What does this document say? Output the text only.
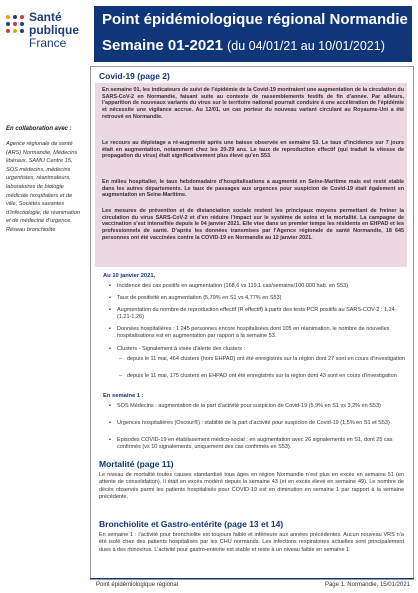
Santé
publique
France
Point épidémiologique régional Normandie
Semaine 01-2021 (du 04/01/21 au 10/01/2021)
En collaboration avec :

Agence régionale de santé (ARS) Normandie, Médecins libéraux, SAMU Centre 15, SOS médecins, médecins urgentistes, réanimateurs, laboratoires de biologie médicale hospitaliers et de ville, Sociétés savantes d’infectiologie, de réanimation et de médecine d’urgence, Réseau bronchiolite

Covid-19 (page 2)
En semaine 01, les indicateurs de suivi de l’épidémie de la Covid-19 montraient une augmentation de la circulation du SARS-CoV-2 en Normandie, faisant suite au contexte de rassemblements festifs de fin d’année. Par ailleurs, l’apparition de nouveaux variants du virus sur le territoire national pourrait conduire à une accélération de l’épidémie et nécessite une vigilance accrue. Au 12/01, un cas porteur du nouveau variant circulant au Royaume-Uni a été retrouvé en Normandie.
Le recours au dépistage a ré-augmenté après une baisse observée en semaine 53. Le taux d’incidence sur 7 jours était en augmentation, notamment chez les 20-29 ans. Le taux de reproduction effectif (qui traduit la vitesse de propagation du virus) était significativement plus élevé qu’en S53.
En milieu hospitalier, le taux hebdomadaire d’hospitalisations a augmenté en Seine-Maritime mais est resté stable dans les autres départements. Le taux de passages aux urgences pour suspicion de Covid-19 était également en augmentation en Seine-Maritime.
Les mesures de prévention et de distanciation sociale restent les principaux moyens permettant de freiner la circulation du virus SARS-CoV-2 et d’en réduire l’impact sur le système de soins et la mortalité. La campagne de vaccination s’est intensifiée depuis le 04 janvier 2021. Elle vise dans un premier temps les résidents en EHPAD et les professionnels de santé. D’après les données transmises par l’Agence régionale de santé Normandie, 18 645 personnes ont été vaccinées contre la COVID-19 en Normandie au 12 janvier 2021.
Au 10 janvier 2021,
▪ Incidence des cas positifs en augmentation (168,6 vs 119,1 cas/semaine/100 000 hab. en S53)
▪ Taux de positivité en augmentation (5,79% en S1 vs 4,77% en S53)
▪ Augmentation du nombre de reproduction effectif (R effectif) à partir des tests PCR positifs au SARS-COV-2 : 1,24 (1,21-1,26)
▪ Données hospitalières : 1 245 personnes encore hospitalisées dont 105 en réanimation, le nombre de nouvelles hospitalisations est en augmentation par rapport à la semaine 53.
▪ Clusters - Signalement à visée d’alerte des clusters :
– depuis le 11 mai, 464 clusters (hors EHPAD) ont été enregistrés sur la région dont 27 sont en cours d’investigation
– depuis le 11 mai, 175 clusters en EHPAD ont été enregistrés sur la région dont 43 sont en cours d’investigation
En semaine 1 :
▪ SOS Médecins : augmentation de la part d’activité pour suspicion de Covid-19 (5,9% en S1 vs 3,2% en S53)
▪ Urgences hospitalières (Oscour®) : stabilité de la part d’activité pour suspicion de Covid-19 (1,5% en S1 et S53)
▪ Episodes COVID-19 en établissement médico-social : en augmentation avec 26 signalements en S1, dont 25 cas confirmés (vs 10 signalements, uniquement des cas confirmés en S53).
Mortalité (page 11)
Le niveau de mortalité toutes causes standardisé tous âges en région Normandie n’est plus en excès en semaine 51 (en attente de consolidation). Il était en excès modéré depuis la semaine 43 (et en excès élevé en semaine 49). Le nombre de décès observés parmi les patients hospitalisés pour COVID-19 est en diminution en semaine 1 par rapport à la semaine précédente.
Bronchiolite et Gastro-entérite (page 13 et 14)
En semaine 1 : l’activité pour bronchiolite est toujours faible et inférieure aux années précédentes. Aucun nouveau VRS n’a été isolé chez des patients hospitalisés par les CHU normands. Les infections respiratoires actuelles sont principalement dues à des rhinovirus. L’activité pour gastro-entérite est stable et reste à un niveau faible en semaine 1.
Point épidémiologique régional	Page 1. Normandie, 15/01/2021
